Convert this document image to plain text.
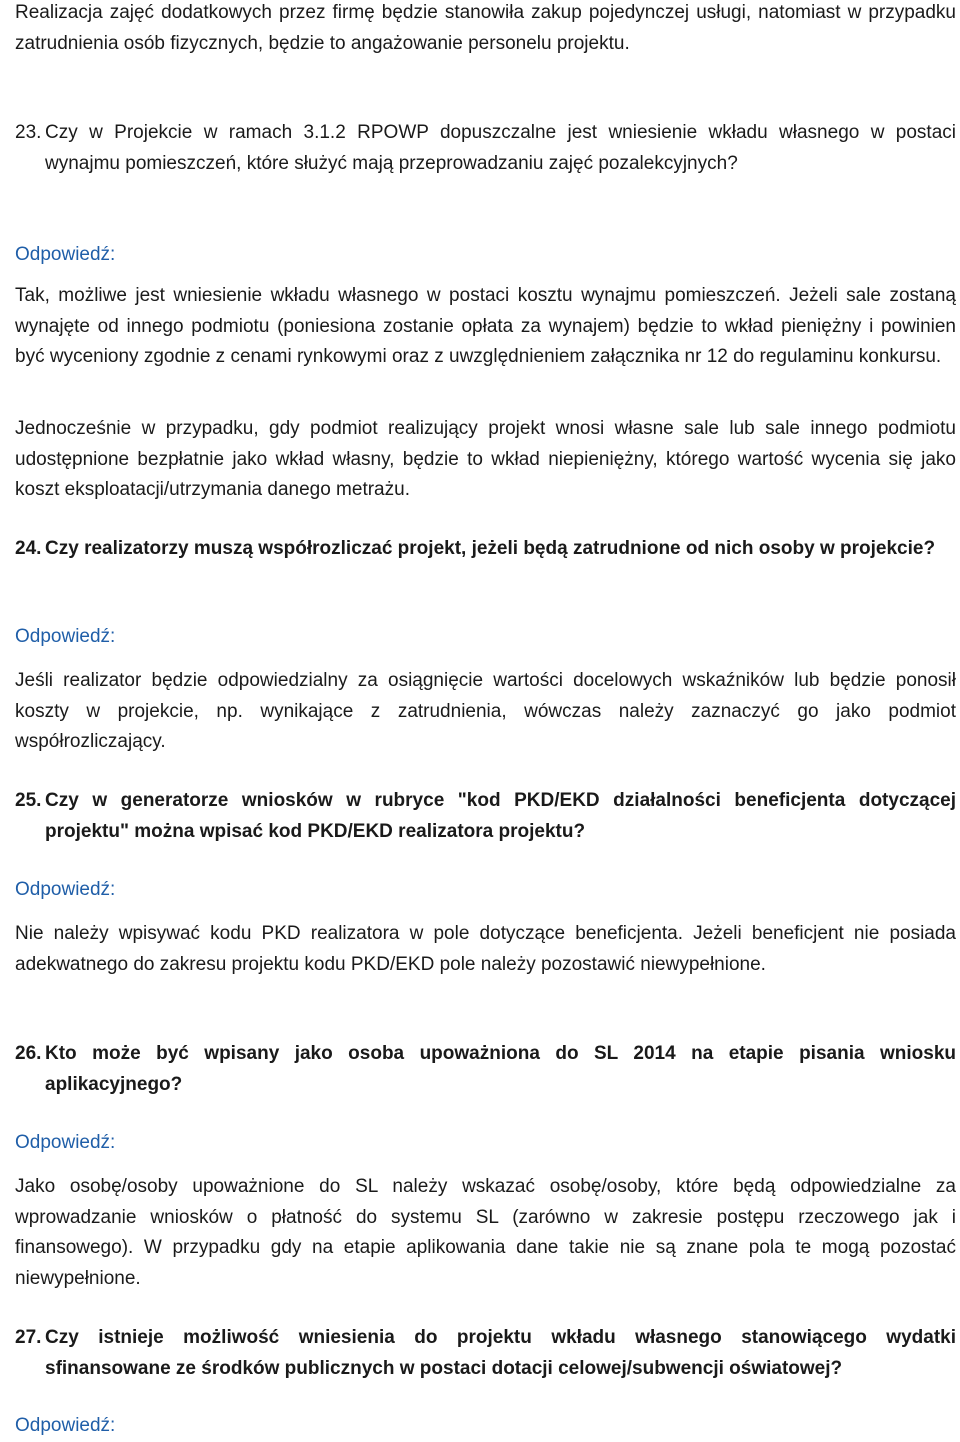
Realizacja zajęć dodatkowych przez firmę będzie stanowiła zakup pojedynczej usługi, natomiast w przypadku zatrudnienia osób fizycznych, będzie to angażowanie personelu projektu.
23. Czy w Projekcie w ramach 3.1.2 RPOWP dopuszczalne jest wniesienie wkładu własnego w postaci wynajmu pomieszczeń, które służyć mają przeprowadzaniu zajęć pozalekcyjnych?
Odpowiedź:
Tak, możliwe jest wniesienie wkładu własnego w postaci kosztu wynajmu pomieszczeń. Jeżeli sale zostaną wynajęte od innego podmiotu (poniesiona zostanie opłata za wynajem) będzie to wkład pieniężny i powinien być wyceniony zgodnie z cenami rynkowymi oraz z uwzględnieniem załącznika nr 12 do regulaminu konkursu.
Jednocześnie w przypadku, gdy podmiot realizujący projekt wnosi własne sale lub sale innego podmiotu udostępnione bezpłatnie jako wkład własny, będzie to wkład niepieniężny, którego wartość wycenia się jako koszt eksploatacji/utrzymania danego metrażu.
24. Czy realizatorzy muszą współrozliczać projekt, jeżeli będą zatrudnione od nich osoby w projekcie?
Odpowiedź:
Jeśli realizator będzie odpowiedzialny za osiągnięcie wartości docelowych wskaźników lub będzie ponosił koszty w projekcie, np. wynikające z zatrudnienia, wówczas należy zaznaczyć go jako podmiot współrozliczający.
25. Czy w generatorze wniosków w rubryce "kod PKD/EKD działalności beneficjenta dotyczącej projektu" można wpisać kod PKD/EKD realizatora projektu?
Odpowiedź:
Nie należy wpisywać kodu PKD realizatora w pole dotyczące beneficjenta. Jeżeli beneficjent nie posiada adekwatnego do zakresu projektu kodu PKD/EKD pole należy pozostawić niewypełnione.
26. Kto może być wpisany jako osoba upoważniona do SL 2014 na etapie pisania wniosku aplikacyjnego?
Odpowiedź:
Jako osobę/osoby upoważnione do SL należy wskazać osobę/osoby, które będą odpowiedzialne za wprowadzanie wniosków o płatność do systemu SL (zarówno w zakresie postępu rzeczowego jak i finansowego). W przypadku gdy na etapie aplikowania dane takie nie są znane pola te mogą pozostać niewypełnione.
27. Czy istnieje możliwość wniesienia do projektu wkładu własnego stanowiącego wydatki sfinansowane ze środków publicznych w postaci dotacji celowej/subwencji oświatowej?
Odpowiedź:
